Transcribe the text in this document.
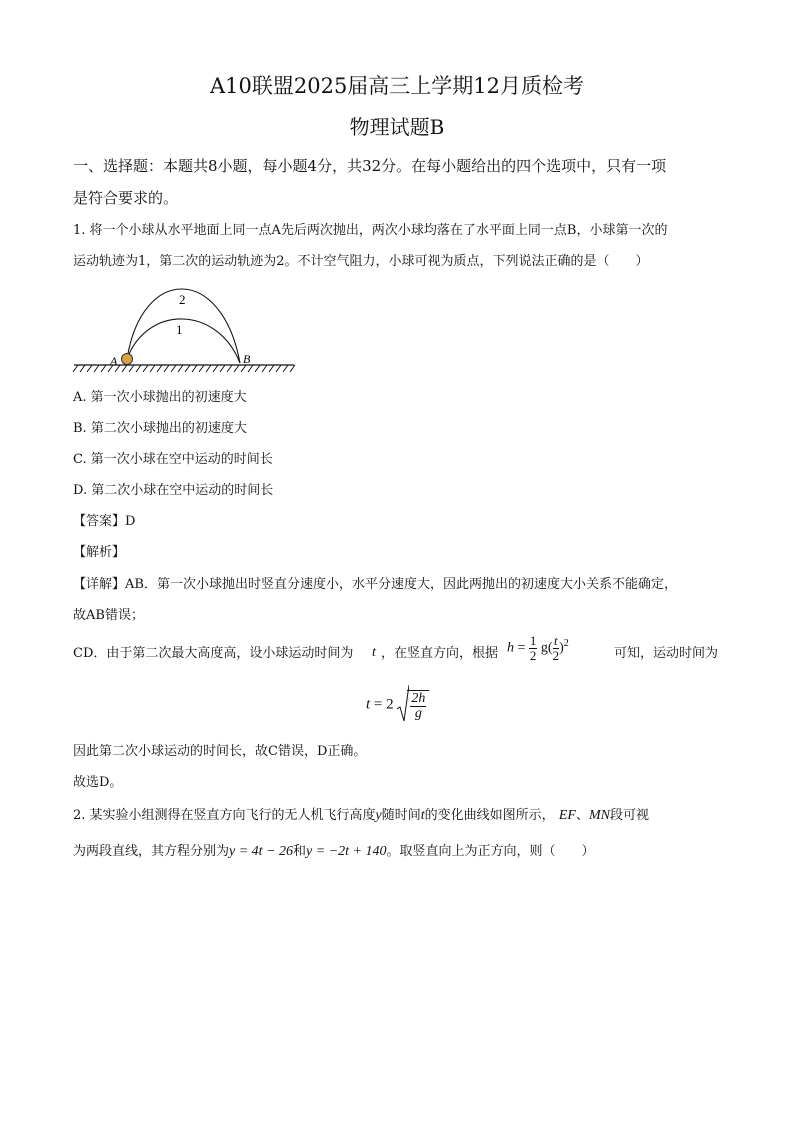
A10联盟2025届高三上学期12月质检考
物理试题B
一、选择题：本题共8小题，每小题4分，共32分。在每小题给出的四个选项中，只有一项
是符合要求的。
1. 将一个小球从水平地面上同一点A先后两次抛出，两次小球均落在了水平面上同一点B，小球第一次的
运动轨迹为1，第二次的运动轨迹为2。不计空气阻力，小球可视为质点，下列说法正确的是（　　）
2
1
A	B
A. 第一次小球抛出的初速度大
B. 第二次小球抛出的初速度大
C. 第一次小球在空中运动的时间长
D. 第二次小球在空中运动的时间长
【答案】D
【解析】
【详解】AB．第一次小球抛出时竖直分速度小，水平分速度大，因此两抛出的初速度大小关系不能确定，
故AB错误；
CD．由于第二次最大高度高，设小球运动时间为 t ，在竖直方向，根据 $h = \frac{1}{2} g( \frac{t}{2} )^2$
可知，运动时间为
$t = 2 \frac{2h}{g}$
因此第二次小球运动的时间长，故C错误，D正确。
故选D。
2. 某实验小组测得在竖直方向飞行的无人机飞行高度y随时间t的变化曲线如图所示， EF、MN段可视
为两段直线，其方程分别为y = 4t − 26和y = −2t + 140。取竖直向上为正方向，则（　　）
